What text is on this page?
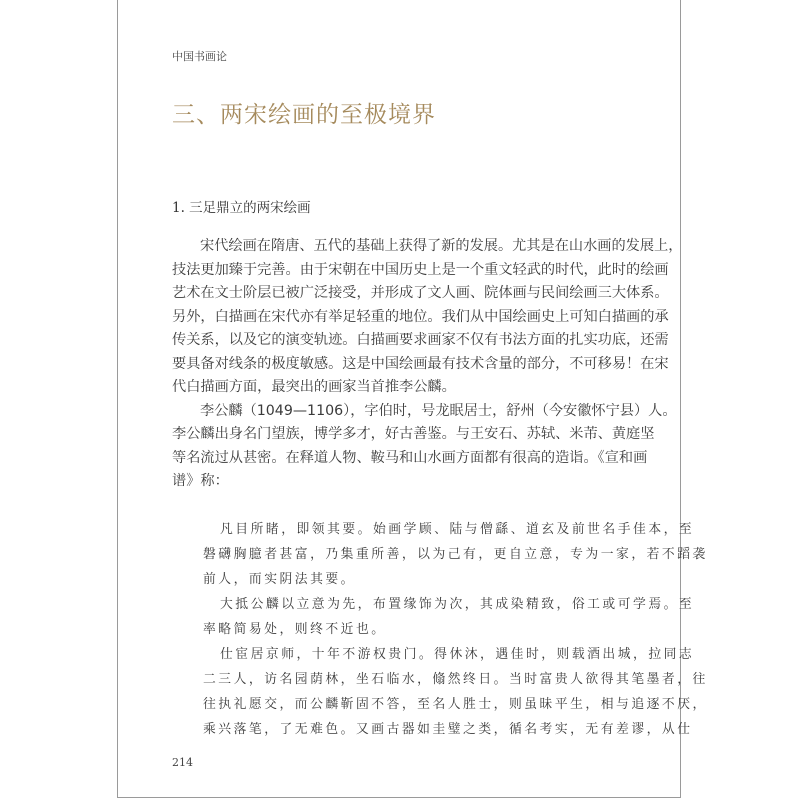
中国书画论
三、两宋绘画的至极境界
1. 三足鼎立的两宋绘画
宋代绘画在隋唐、五代的基础上获得了新的发展。尤其是在山水画的发展上，
技法更加臻于完善。由于宋朝在中国历史上是一个重文轻武的时代，此时的绘画
艺术在文士阶层已被广泛接受，并形成了文人画、院体画与民间绘画三大体系。
另外，白描画在宋代亦有举足轻重的地位。我们从中国绘画史上可知白描画的承
传关系，以及它的演变轨迹。白描画要求画家不仅有书法方面的扎实功底，还需
要具备对线条的极度敏感。这是中国绘画最有技术含量的部分，不可移易！在宋
代白描画方面，最突出的画家当首推李公麟。
李公麟（1049—1106），字伯时，号龙眠居士，舒州（今安徽怀宁县）人。
李公麟出身名门望族，博学多才，好古善鉴。与王安石、苏轼、米芾、黄庭坚
等名流过从甚密。在释道人物、鞍马和山水画方面都有很高的造诣。《宣和画
谱》称：
凡目所睹，即领其要。始画学顾、陆与僧繇、道玄及前世名手佳本，至
磐礴胸臆者甚富，乃集重所善，以为己有，更自立意，专为一家，若不蹈袭
前人，而实阴法其要。
大抵公麟以立意为先，布置缘饰为次，其成染精致，俗工或可学焉。至
率略简易处，则终不近也。
仕宦居京师，十年不游权贵门。得休沐，遇佳时，则载酒出城，拉同志
二三人，访名园荫林，坐石临水，翛然终日。当时富贵人欲得其笔墨者，往
往执礼愿交，而公麟靳固不答，至名人胜士，则虽昧平生，相与追逐不厌，
乘兴落笔，了无难色。又画古器如圭璧之类，循名考实，无有差谬，从仕
214
